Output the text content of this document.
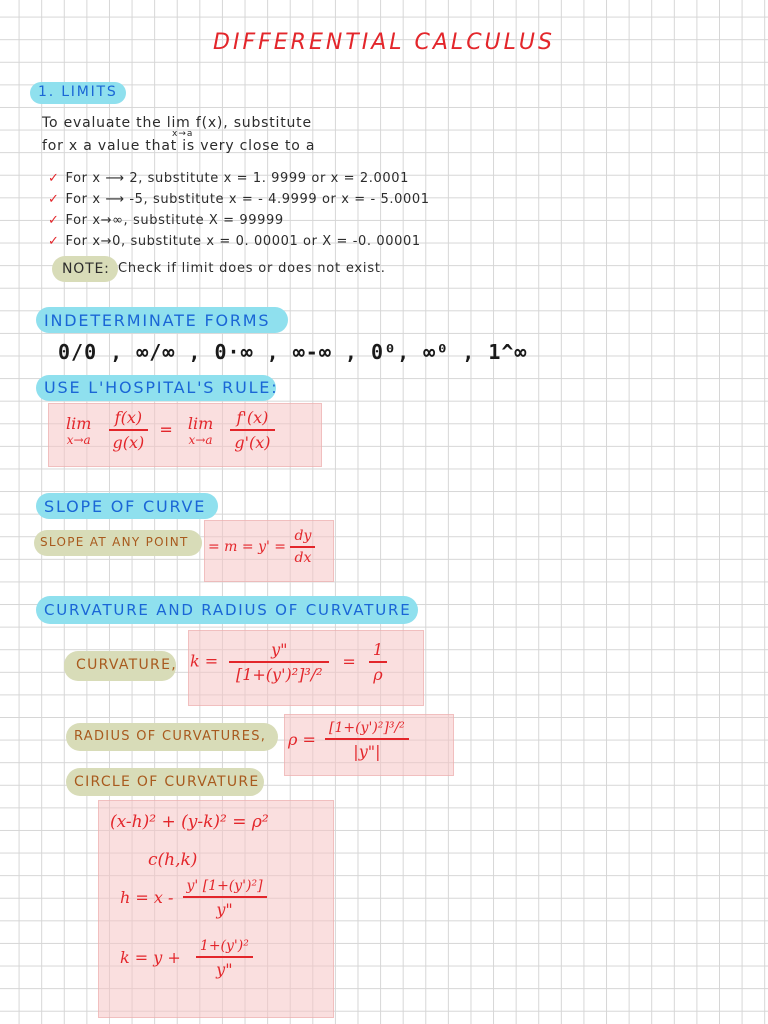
DIFFERENTIAL CALCULUS
1. LIMITS
To evaluate the lim f(x), substitute
x→a
for x a value that is very close to a
✓ For x ⟶ 2, substitute x = 1. 9999 or x = 2.0001
✓ For x ⟶ -5, substitute x = - 4.9999 or x = - 5.0001
✓ For x→∞, substitute X = 99999
✓ For x→0, substitute x = 0. 00001 or X = -0. 00001
NOTE: Check if limit does or does not exist.
INDETERMINATE FORMS
0/0 , ∞/∞ , 0·∞ , ∞-∞ , 0⁰, ∞⁰ , 1^∞
USE L'HOSPITAL'S RULE:
lim
x→a
$\frac{f(x)}{g(x)} = \lim$
x→a
$\frac{f'(x)}{g'(x)}$
SLOPE OF CURVE
SLOPE AT ANY POINT = $m = y' = \frac{dy}{dx}$
CURVATURE AND RADIUS OF CURVATURE
CURVATURE, $k = \frac{y"}{\text{[1+(y')²]³/²}} = \frac{1}{\rho}$
RADIUS OF CURVATURES, $\rho = \frac{\text{[1+(y')²]³/²}}{|y"|}$
CIRCLE OF CURVATURE
(x-h)² + (y-k)² = ρ²
c(h,k)
$h = x - \frac{\text{y' [1+(y')²]}}{y"}$
$k = y + \frac{\text{1+(y')²}}{y"}$
